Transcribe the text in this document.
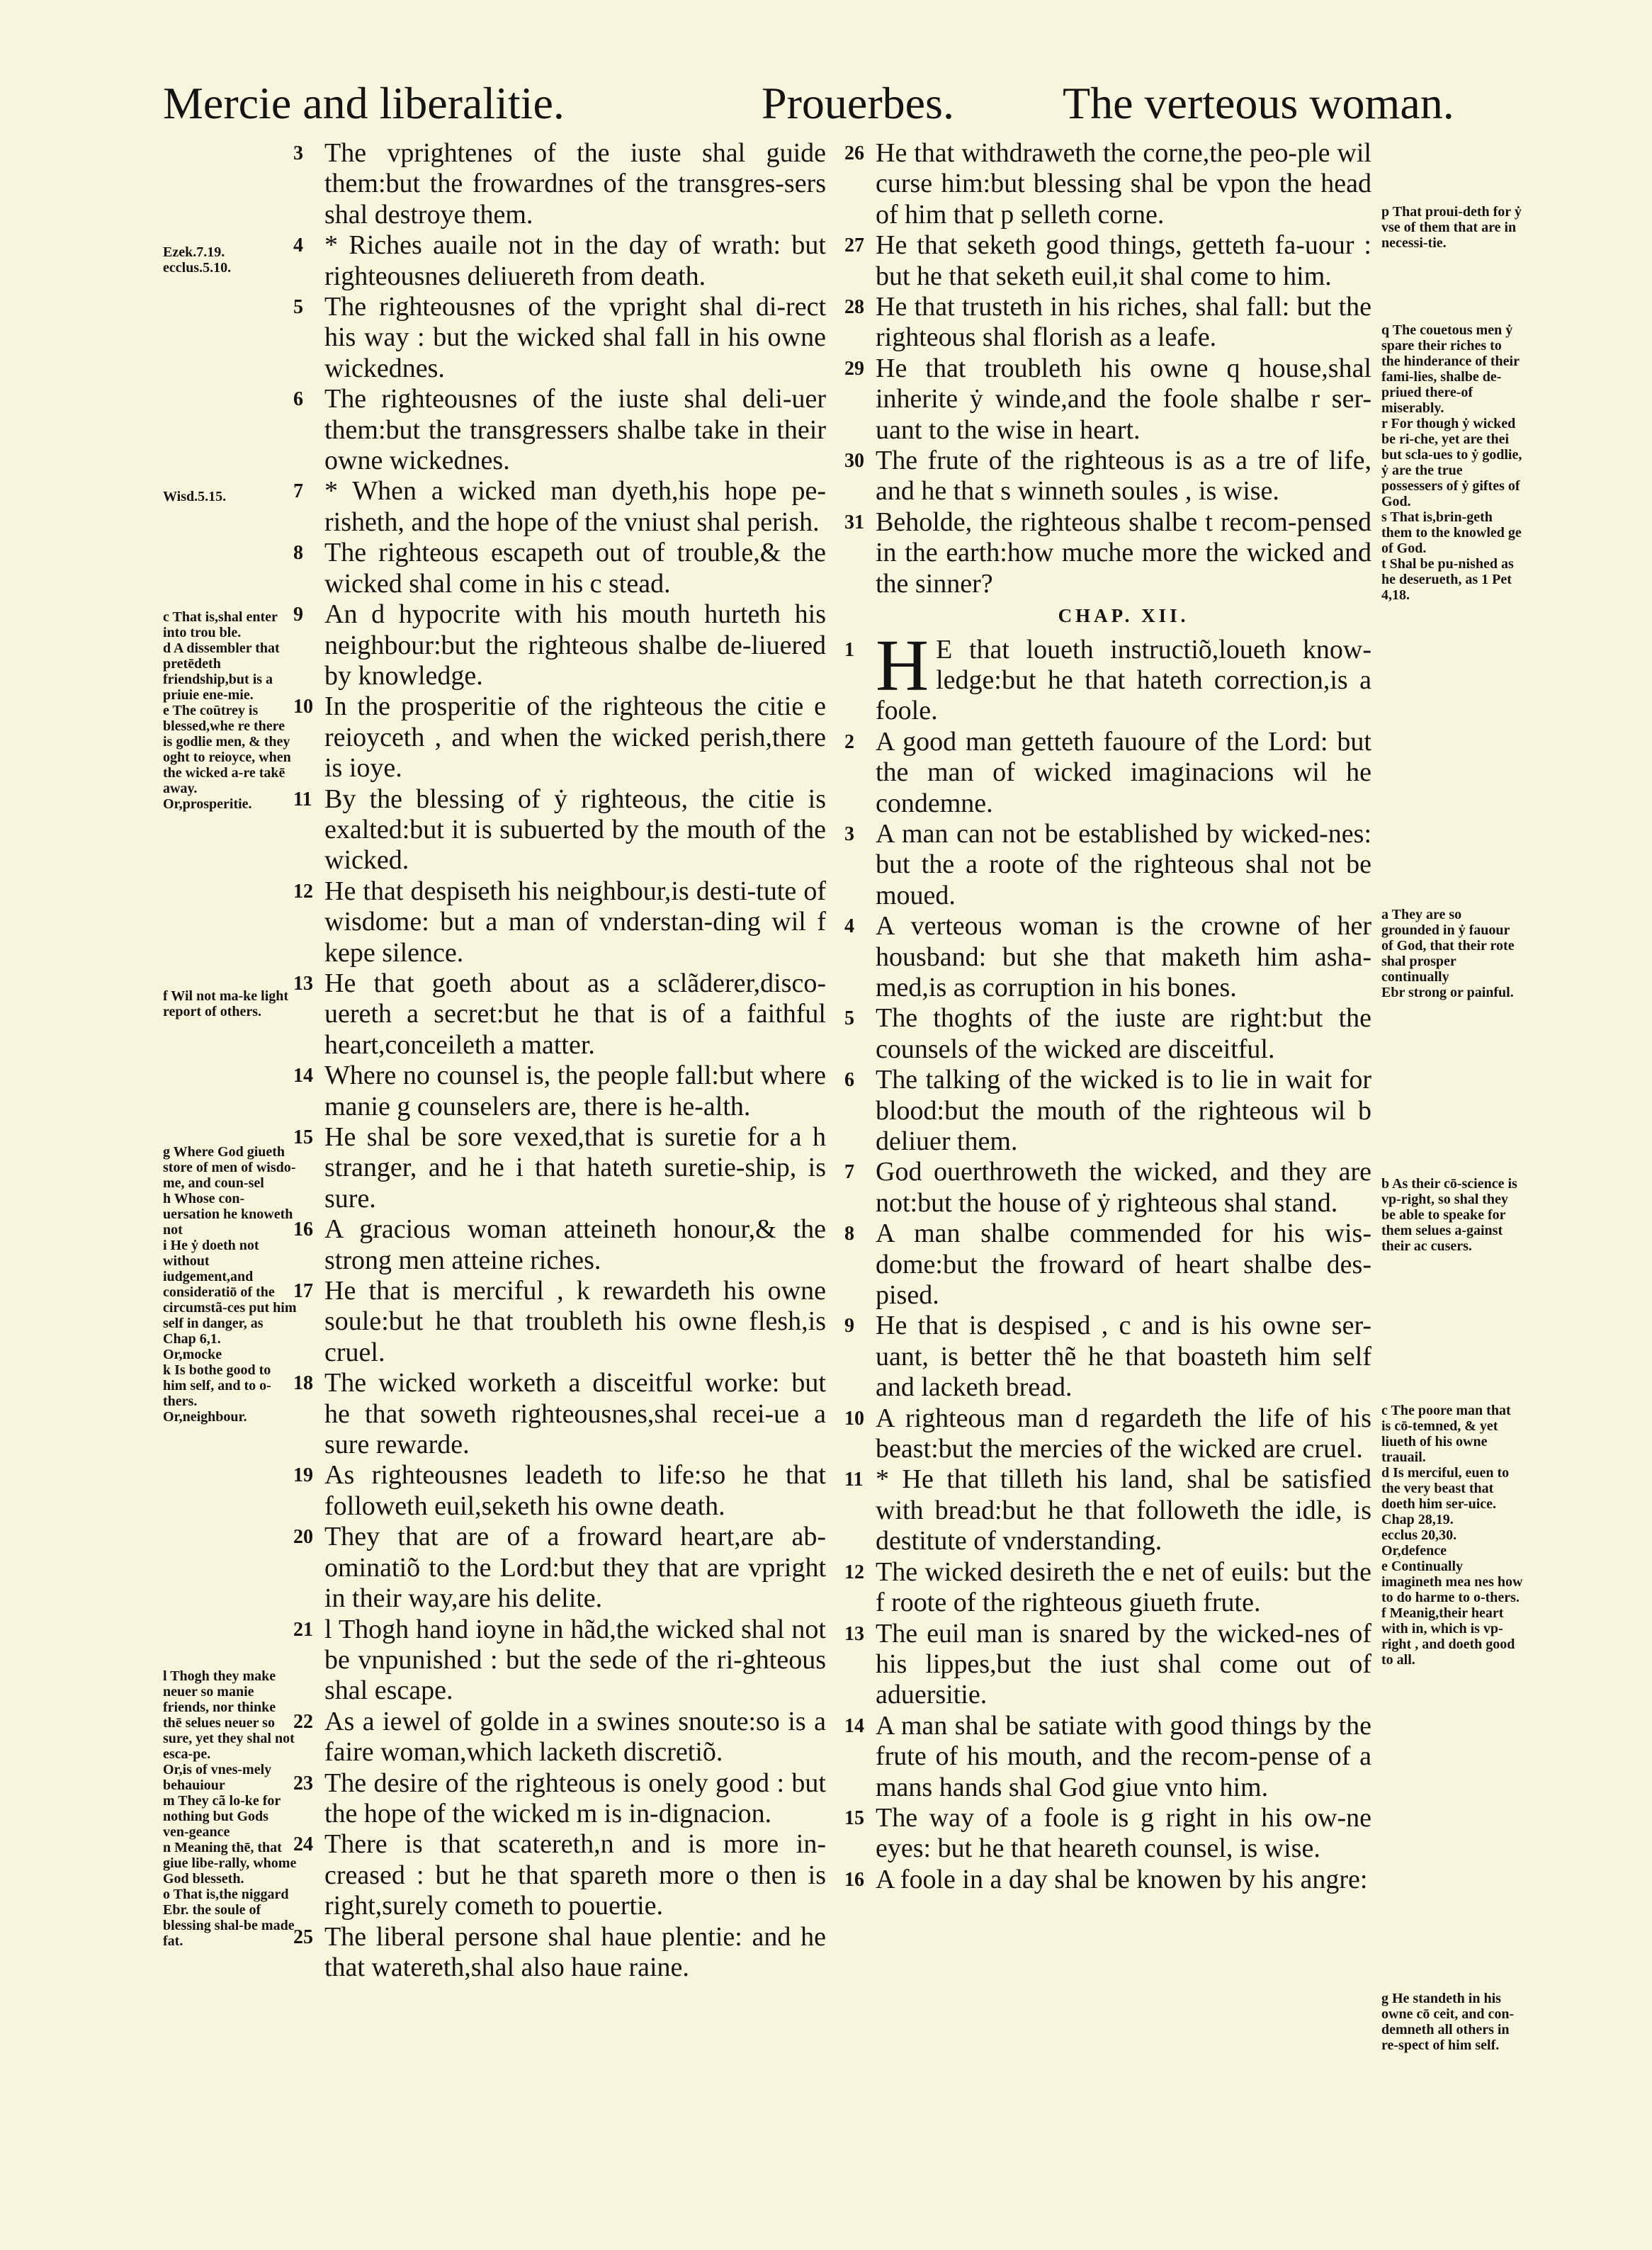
Mercie and liberalitie.	Prouerbes. The verteous woman.
3 The vprightenes of the iuste shal guide them:but the frowardnes of the transgres-sers shal destroye them.
4 * Riches auaile not in the day of wrath: but righteousnes deliuereth from death.
5 The righteousnes of the vpright shal di-rect his way : but the wicked shal fall in his owne wickednes.
6 The righteousnes of the iuste shal deli-uer them:but the transgressers shalbe take in their owne wickednes.
7 * When a wicked man dyeth,his hope pe-risheth, and the hope of the vniust shal perish.
8 The righteous escapeth out of trouble,& the wicked shal come in his c stead.
9 An d hypocrite with his mouth hurteth his neighbour:but the righteous shalbe de-liuered by knowledge.
10 In the prosperitie of the righteous the citie e reioyceth , and when the wicked perish,there is ioye.
11 By the blessing of ẏ righteous, the citie is exalted:but it is subuerted by the mouth of the wicked.
12 He that despiseth his neighbour,is desti-tute of wisdome: but a man of vnderstan-ding wil f kepe silence.
13 He that goeth about as a sclãderer,disco-uereth a secret:but he that is of a faithful heart,conceileth a matter.
14 Where no counsel is, the people fall:but where manie g counselers are, there is he-alth.
15 He shal be sore vexed,that is suretie for a h stranger, and he i that hateth suretie-ship, is sure.
16 A gracious woman atteineth honour,& the strong men atteine riches.
17 He that is merciful , k rewardeth his owne soule:but he that troubleth his owne flesh,is cruel.
18 The wicked worketh a disceitful worke: but he that soweth righteousnes,shal recei-ue a sure rewarde.
19 As righteousnes leadeth to life:so he that followeth euil,seketh his owne death.
20 They that are of a froward heart,are ab-ominatiõ to the Lord:but they that are vpright in their way,are his delite.
21 l Thogh hand ioyne in hãd,the wicked shal not be vnpunished : but the sede of the ri-ghteous shal escape.
22 As a iewel of golde in a swines snoute:so is a faire woman,which lacketh discretiõ.
23 The desire of the righteous is onely good : but the hope of the wicked m is in-dignacion.
24 There is that scatereth,n and is more in-creased : but he that spareth more o then is right,surely cometh to pouertie.
25 The liberal persone shal haue plentie: and he that watereth,shal also haue raine.
26 He that withdraweth the corne,the peo-ple wil curse him:but blessing shal be vpon the head of him that p selleth corne.
27 He that seketh good things, getteth fa-uour : but he that seketh euil,it shal come to him.
28 He that trusteth in his riches, shal fall: but the righteous shal florish as a leafe.
29 He that troubleth his owne q house,shal inherite ẏ winde,and the foole shalbe r ser-uant to the wise in heart.
30 The frute of the righteous is as a tre of life, and he that s winneth soules , is wise.
31 Beholde, the righteous shalbe t recom-pensed in the earth:how muche more the wicked and the sinner?
CHAP. XII.
1 H E that loueth instructiõ,loueth know-ledge:but he that hateth correction,is a foole.
2 A good man getteth fauoure of the Lord: but the man of wicked imaginacions wil he condemne.
3 A man can not be established by wicked-nes: but the a roote of the righteous shal not be moued.
4 A verteous woman is the crowne of her housband: but she that maketh him asha-med,is as corruption in his bones.
5 The thoghts of the iuste are right:but the counsels of the wicked are disceitful.
6 The talking of the wicked is to lie in wait for blood:but the mouth of the righteous wil b deliuer them.
7 God ouerthroweth the wicked, and they are not:but the house of ẏ righteous shal stand.
8 A man shalbe commended for his wis-dome:but the froward of heart shalbe des-pised.
9 He that is despised , c and is his owne ser-uant, is better thẽ he that boasteth him self and lacketh bread.
10 A righteous man d regardeth the life of his beast:but the mercies of the wicked are cruel.
11 * He that tilleth his land, shal be satisfied with bread:but he that followeth the idle, is destitute of vnderstanding.
12 The wicked desireth the e net of euils: but the f roote of the righteous giueth frute.
13 The euil man is snared by the wicked-nes of his lippes,but the iust shal come out of aduersitie.
14 A man shal be satiate with good things by the frute of his mouth, and the recom-pense of a mans hands shal God giue vnto him.
15 The way of a foole is g right in his ow-ne eyes: but he that heareth counsel, is wise.
16 A foole in a day shal be knowen by his angre:
Ezek.7.19.
ecclus.5.10.
Wisd.5.15.
c That is,shal enter into trou ble.
d A dissembler that pretēdeth friendship,but is a priuie ene-mie.
e The coūtrey is blessed,whe re there is godlie men, & they oght to reioyce, when the wicked a-re takē away.
Or,prosperitie.
f Wil not ma-ke light report of others.
g Where God giueth store of men of wisdo-me, and coun-sel
h Whose con-uersation he knoweth not
i He ẏ doeth not without iudgement,and consideratiō of the circumstã-ces put him self in danger, as Chap 6,1.
Or,mocke
k Is bothe good to him self, and to o-thers.
Or,neighbour.
l Thogh they make neuer so manie friends, nor thinke thē selues neuer so sure, yet they shal not esca-pe.
Or,is of vnes-mely behauiour
m They cã lo-ke for nothing but Gods ven-geance
n Meaning thē, that giue libe-rally, whome God blesseth.
o That is,the niggard
Ebr. the soule of blessing shal-be made fat.
p That proui-deth for ẏ vse of them that are in necessi-tie.
q The couetous men ẏ spare their riches to the hinderance of their fami-lies, shalbe de-priued there-of miserably.
r For though ẏ wicked be ri-che, yet are thei but scla-ues to ẏ godlie, ẏ are the true possessers of ẏ giftes of God.
s That is,brin-geth them to the knowled ge of God.
t Shal be pu-nished as he deserueth, as 1 Pet 4,18.
a They are so grounded in ẏ fauour of God, that their rote shal prosper continually
Ebr strong or painful.
b As their cō-science is vp-right, so shal they be able to speake for them selues a-gainst their ac cusers.
c The poore man that is cō-temned, & yet liueth of his owne trauail.
d Is merciful, euen to the very beast that doeth him ser-uice.
Chap 28,19.
ecclus 20,30.
Or,defence
e Continually imagineth mea nes how to do harme to o-thers.
f Meanig,their heart with in, which is vp-right , and doeth good to all.
g He standeth in his owne cō ceit, and con-demneth all others in re-spect of him self.
